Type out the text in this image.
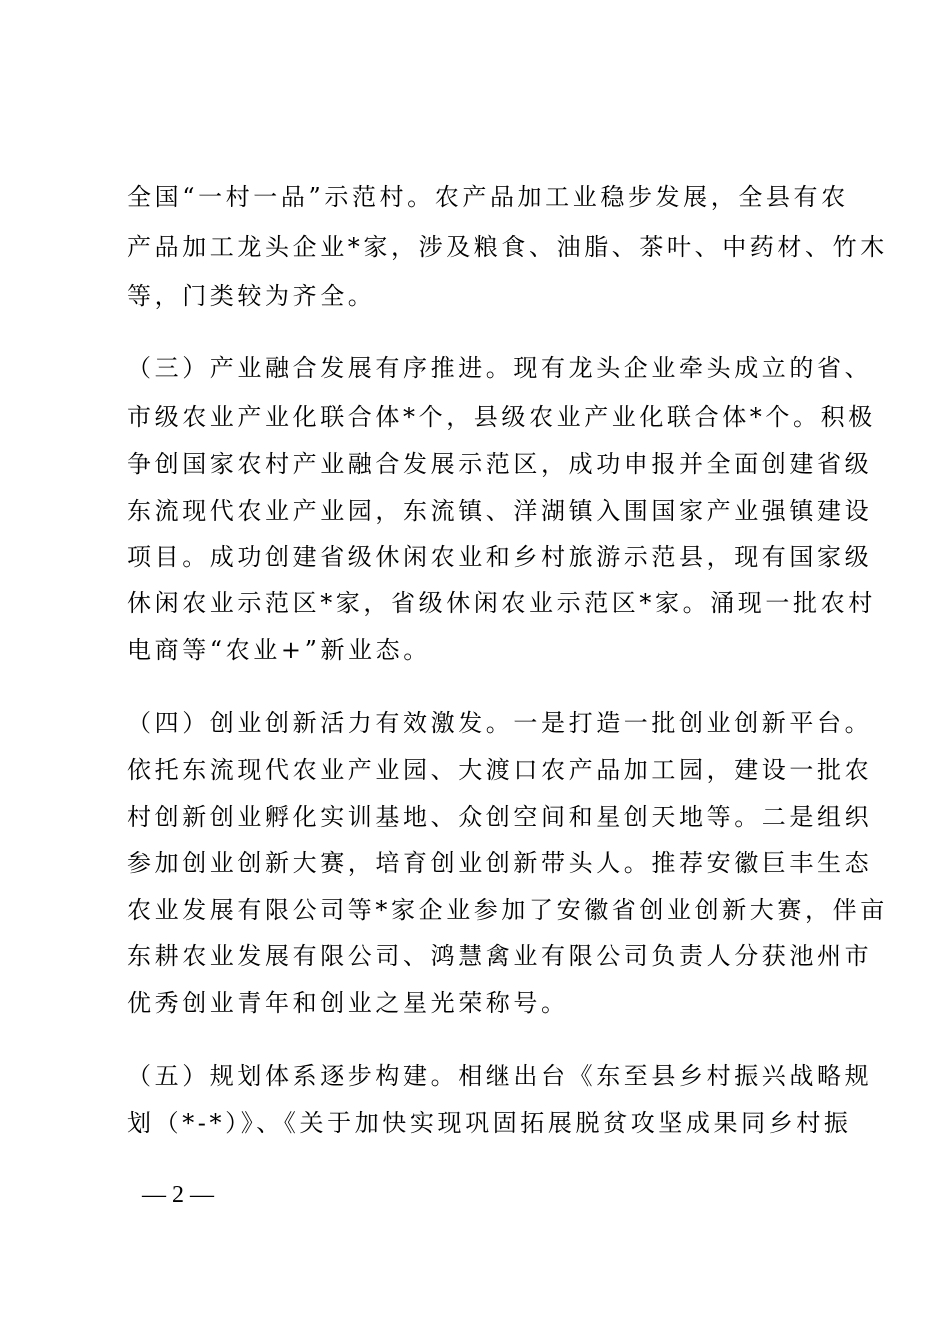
全国“一村一品”示范村。农产品加工业稳步发展，全县有农
产品加工龙头企业*家，涉及粮食、油脂、茶叶、中药材、竹木
等，门类较为齐全。
（三）产业融合发展有序推进。现有龙头企业牵头成立的省、
市级农业产业化联合体*个，县级农业产业化联合体*个。积极
争创国家农村产业融合发展示范区，成功申报并全面创建省级
东流现代农业产业园，东流镇、洋湖镇入围国家产业强镇建设
项目。成功创建省级休闲农业和乡村旅游示范县，现有国家级
休闲农业示范区*家，省级休闲农业示范区*家。涌现一批农村
电商等“农业+”新业态。
（四）创业创新活力有效激发。一是打造一批创业创新平台。
依托东流现代农业产业园、大渡口农产品加工园，建设一批农
村创新创业孵化实训基地、众创空间和星创天地等。二是组织
参加创业创新大赛，培育创业创新带头人。推荐安徽巨丰生态
农业发展有限公司等*家企业参加了安徽省创业创新大赛，伴亩
东耕农业发展有限公司、鸿慧禽业有限公司负责人分获池州市
优秀创业青年和创业之星光荣称号。
（五）规划体系逐步构建。相继出台《东至县乡村振兴战略规
划（*-*）》、《关于加快实现巩固拓展脱贫攻坚成果同乡村振
— 2 —
